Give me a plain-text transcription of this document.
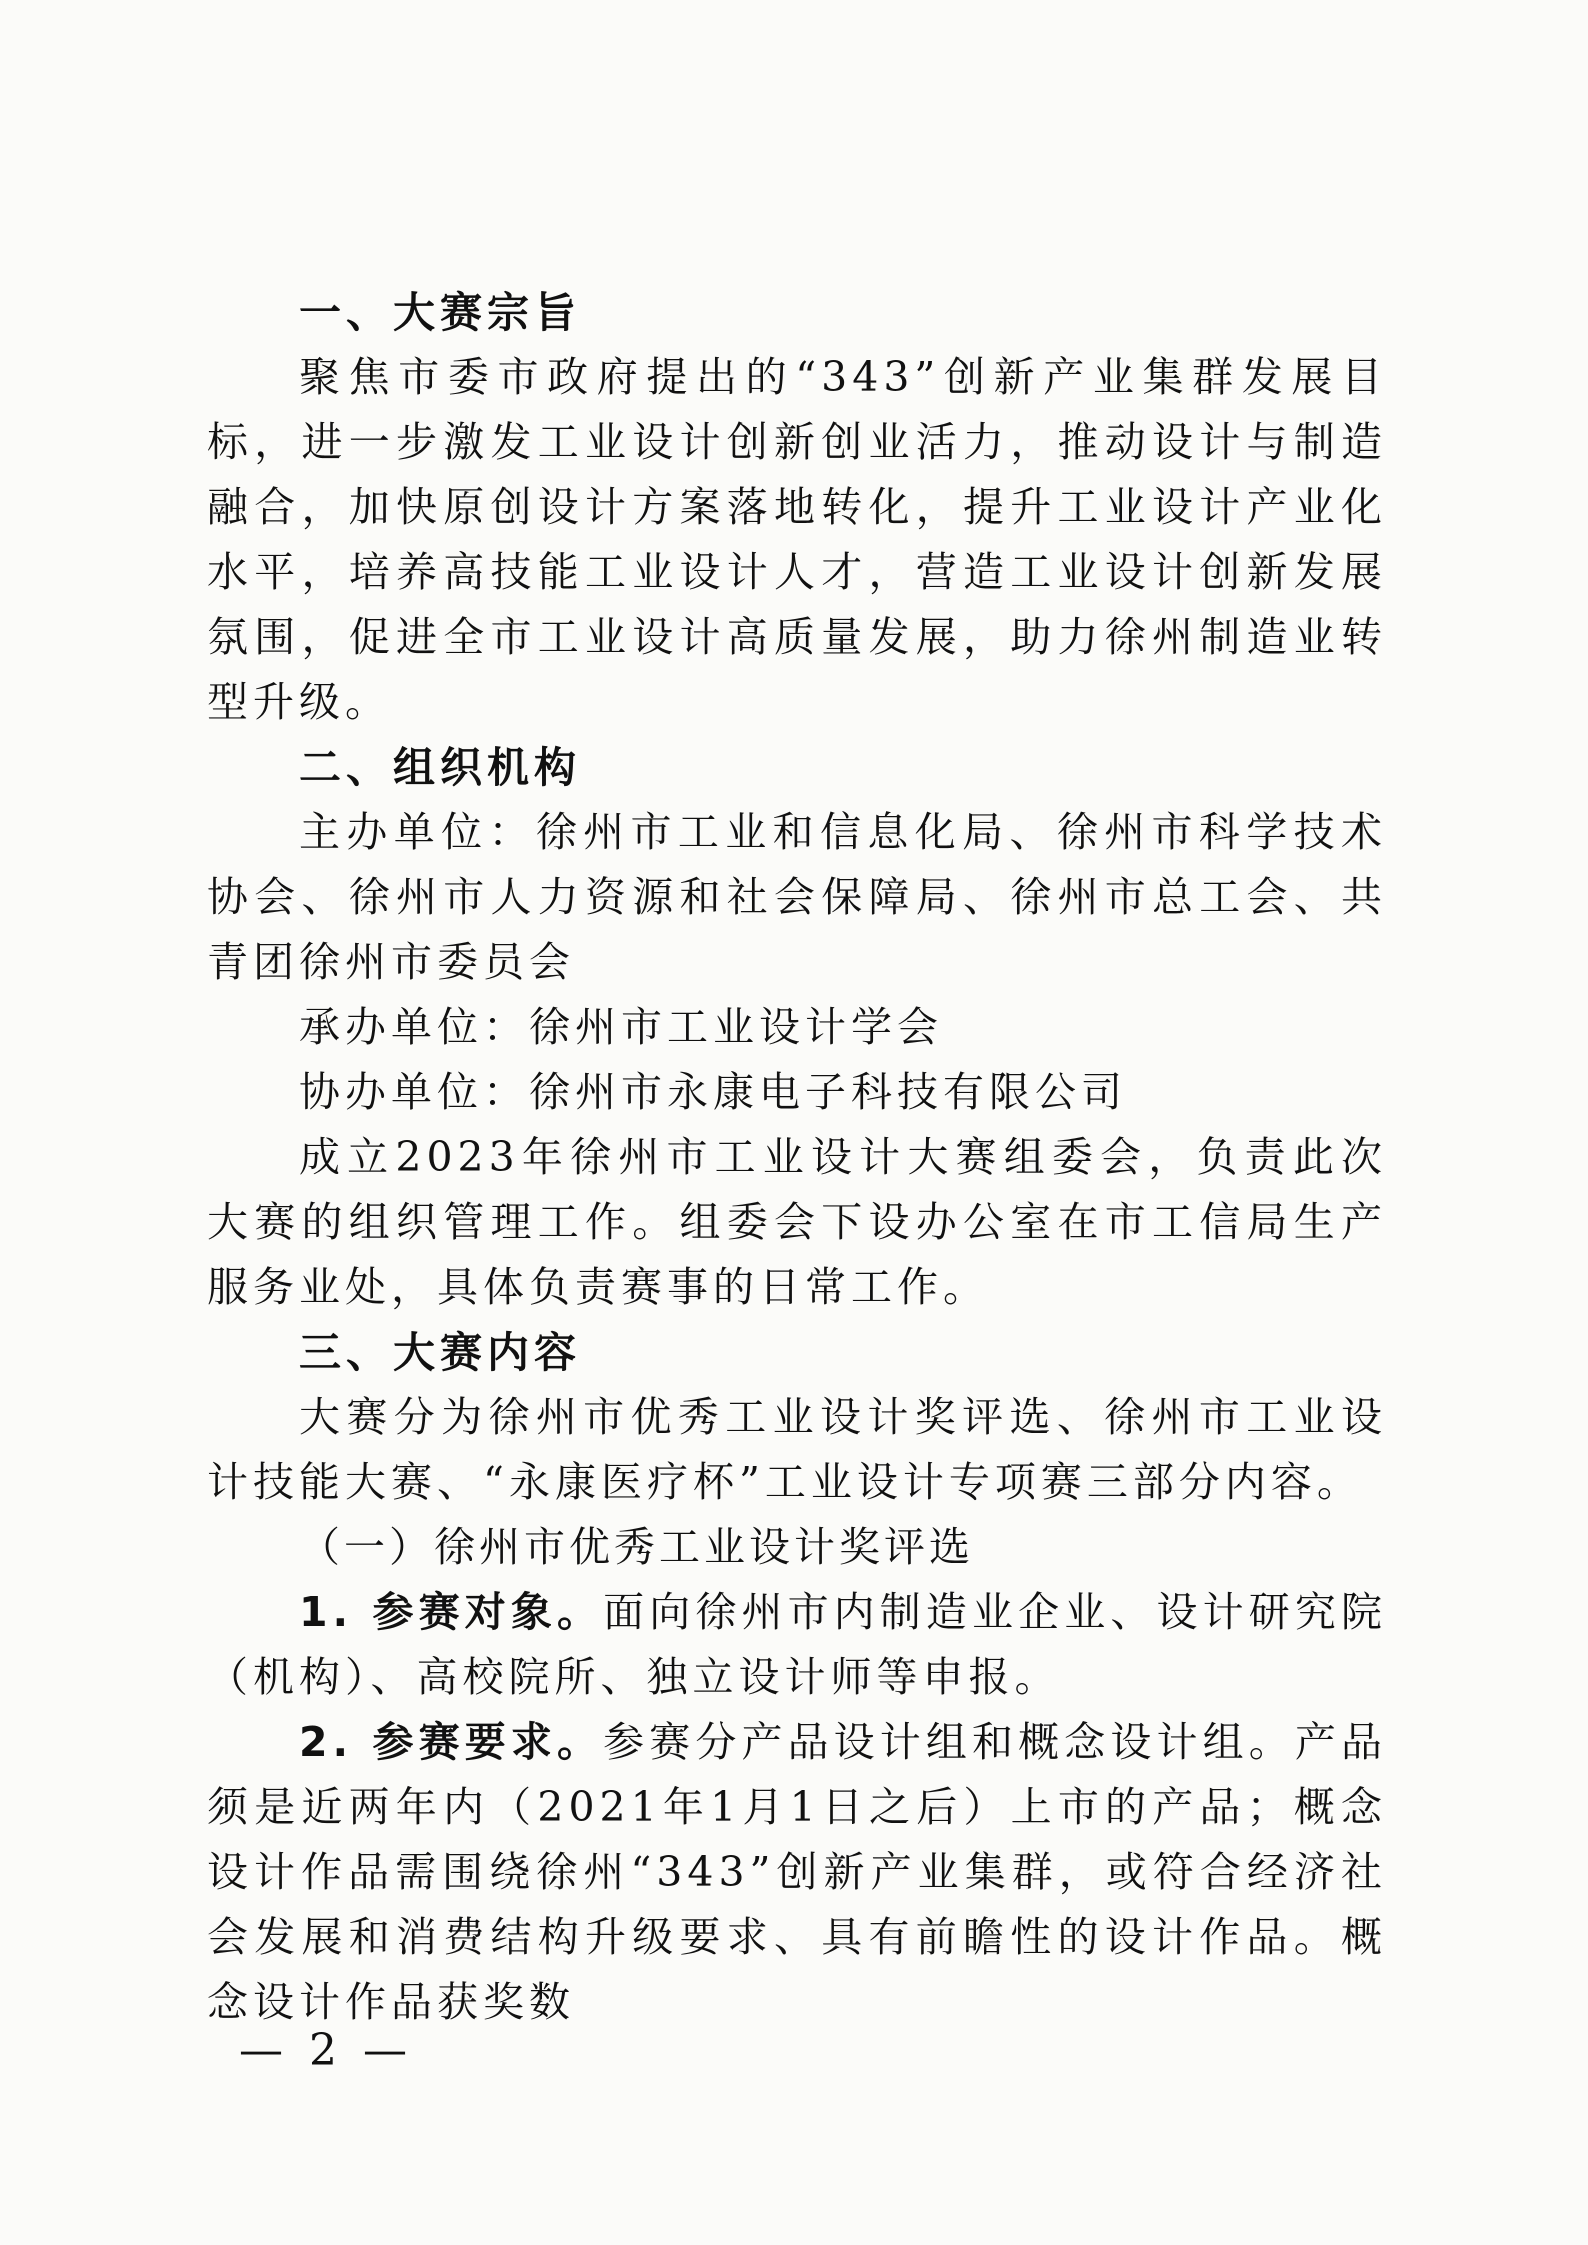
一、大赛宗旨

聚焦市委市政府提出的“343”创新产业集群发展目标，进一步激发工业设计创新创业活力，推动设计与制造融合，加快原创设计方案落地转化，提升工业设计产业化水平，培养高技能工业设计人才，营造工业设计创新发展氛围，促进全市工业设计高质量发展，助力徐州制造业转型升级。

二、组织机构

主办单位：徐州市工业和信息化局、徐州市科学技术协会、徐州市人力资源和社会保障局、徐州市总工会、共青团徐州市委员会

承办单位：徐州市工业设计学会

协办单位：徐州市永康电子科技有限公司

成立2023年徐州市工业设计大赛组委会，负责此次大赛的组织管理工作。组委会下设办公室在市工信局生产服务业处，具体负责赛事的日常工作。

三、大赛内容

大赛分为徐州市优秀工业设计奖评选、徐州市工业设计技能大赛、“永康医疗杯”工业设计专项赛三部分内容。

（一）徐州市优秀工业设计奖评选

1. 参赛对象。面向徐州市内制造业企业、设计研究院（机构）、高校院所、独立设计师等申报。

2. 参赛要求。参赛分产品设计组和概念设计组。产品须是近两年内（2021年1月1日之后）上市的产品；概念设计作品需围绕徐州“343”创新产业集群，或符合经济社会发展和消费结构升级要求、具有前瞻性的设计作品。概念设计作品获奖数

— 2 —
